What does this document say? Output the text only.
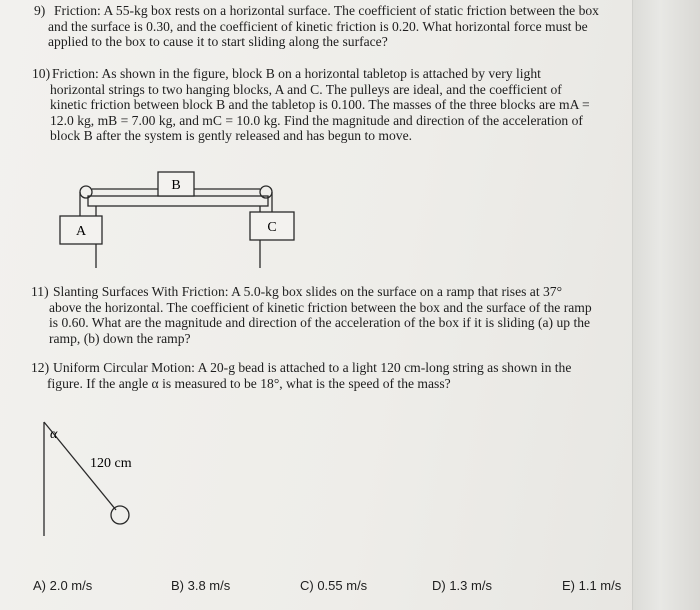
9) Friction: A 55-kg box rests on a horizontal surface. The coefficient of static friction between the box
and the surface is 0.30, and the coefficient of kinetic friction is 0.20. What horizontal force must be
applied to the box to cause it to start sliding along the surface?
10) Friction: As shown in the figure, block B on a horizontal tabletop is attached by very light
horizontal strings to two hanging blocks, A and C. The pulleys are ideal, and the coefficient of
kinetic friction between block B and the tabletop is 0.100. The masses of the three blocks are mA =
12.0 kg, mB = 7.00 kg, and mC = 10.0 kg. Find the magnitude and direction of the acceleration of
block B after the system is gently released and has begun to move.
B
A	C
11) Slanting Surfaces With Friction: A 5.0-kg box slides on the surface on a ramp that rises at 37°
above the horizontal. The coefficient of kinetic friction between the box and the surface of the ramp
is 0.60. What are the magnitude and direction of the acceleration of the box if it is sliding (a) up the
ramp, (b) down the ramp?
12) Uniform Circular Motion: A 20-g bead is attached to a light 120 cm-long string as shown in the
figure. If the angle α is measured to be 18°, what is the speed of the mass?
α
120 cm
A) 2.0 m/s	B) 3.8 m/s	C) 0.55 m/s	D) 1.3 m/s	E) 1.1 m/s
